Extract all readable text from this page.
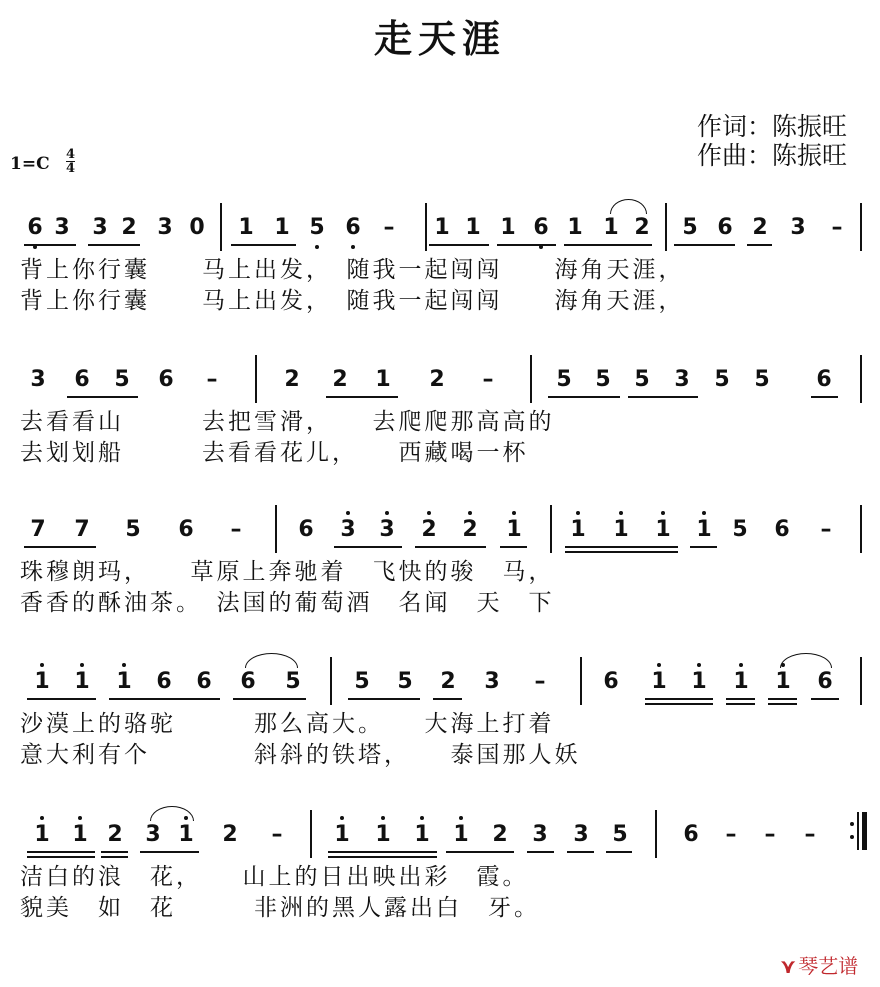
走天涯
作词：陈振旺
作曲：陈振旺
1=C 4
4
6 3	3 2 3 0	1 1 5 6	–	1 1 1 6 1 1 2	5 6 2	3	–
背上你行囊　　马上出发，　随我一起闯闯　　海角天涯，
背上你行囊　　马上出发，　随我一起闯闯　　海角天涯，
3	6	5	6	–	2	2	1	2	–	5	5	5	3	5	5	6
去看看山　　　去把雪滑，　　去爬爬那高高的
去划划船　　　去看看花儿，　　西藏喝一杯
7	7	5	6	–	6	3	3	2	2	1	1	1	1	1 5	6	–
珠穆朗玛，　　草原上奔驰着　飞快的骏　马，
香香的酥油茶。　法国的葡萄酒　名闻　天　下
1	1	1	6	6	6	5	5	5	2	3	–	6	1	1	1	1	6
沙漠上的骆驼　　　那么高大。　　大海上打着
意大利有个　　　　斜斜的铁塔，　　泰国那人妖
1	1 2	3 1	2	–	1	1	1	1	2	3	3	5	6	–	–	–
洁白的浪　花，　　山上的日出映出彩　霞。
貌美　如　花　　　非洲的黑人露出白　牙。
⋎ 琴艺谱
